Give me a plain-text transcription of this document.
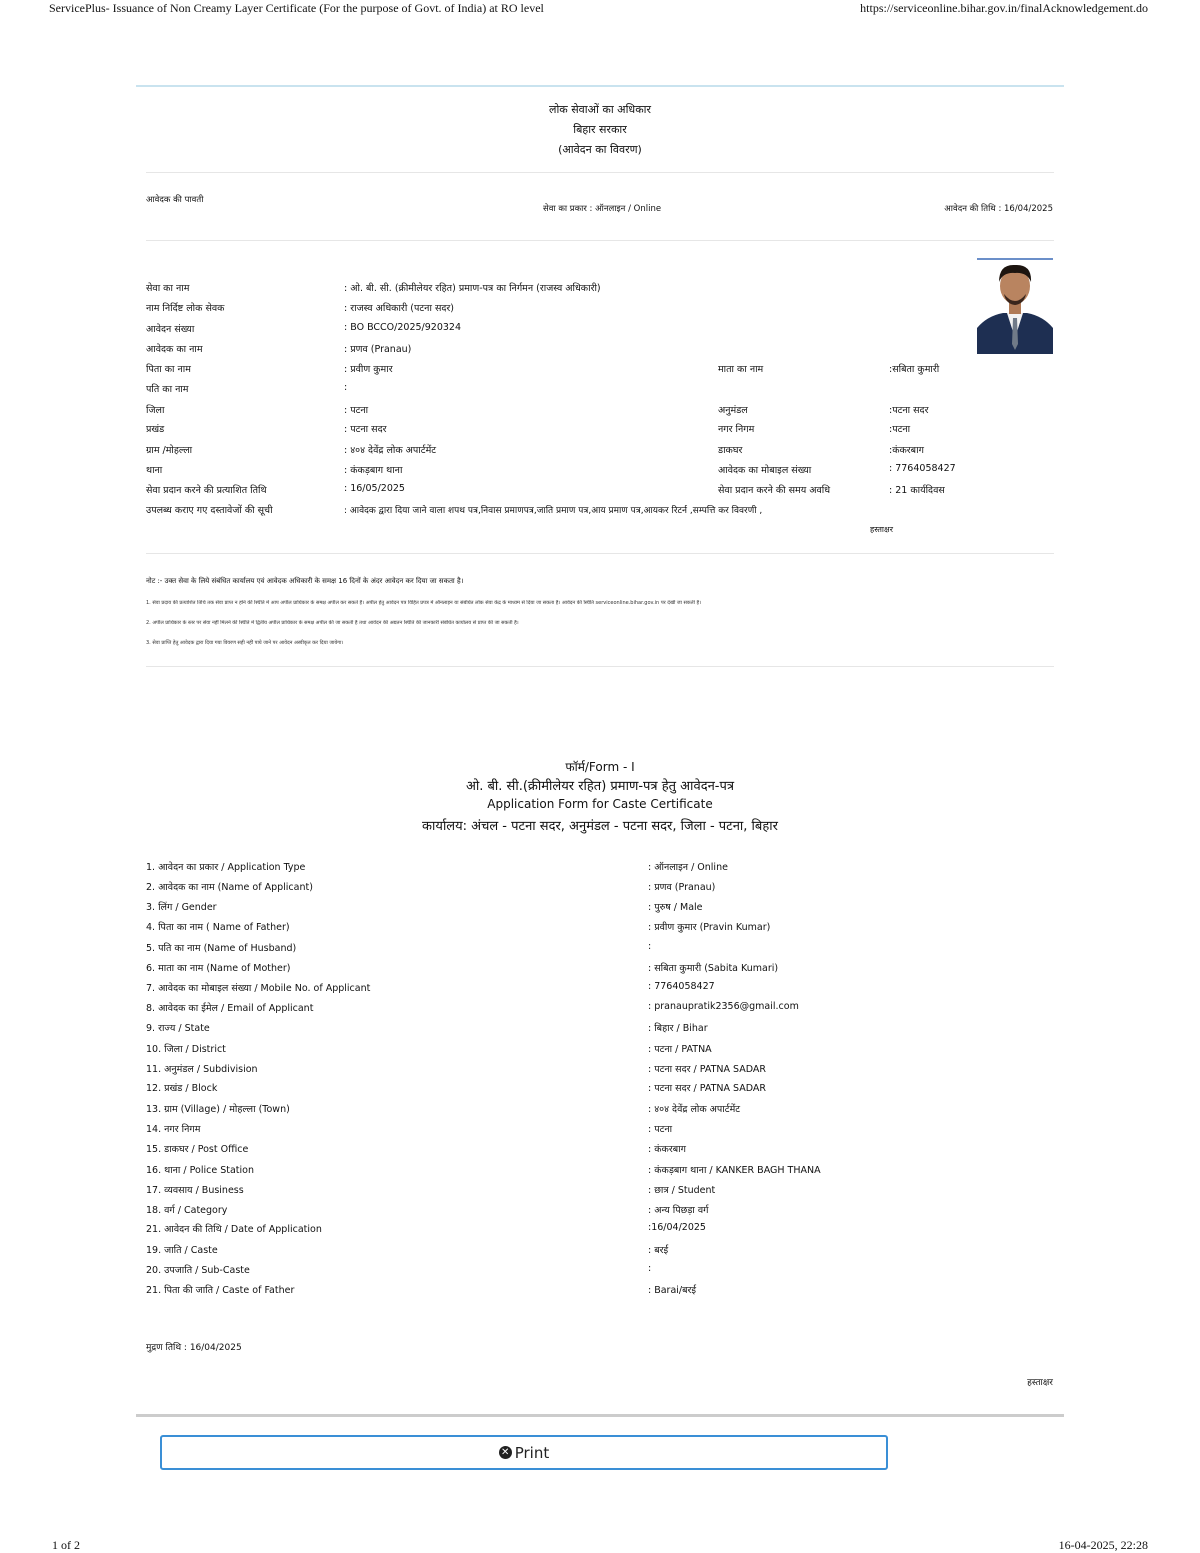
ServicePlus- Issuance of Non Creamy Layer Certificate (For the purpose of Govt. of India) at RO level	https://serviceonline.bihar.gov.in/finalAcknowledgement.do
लोक सेवाओं का अधिकार
बिहार सरकार
(आवेदन का विवरण)
आवेदक की पावती
सेवा का प्रकार : ऑनलाइन / Online	आवेदन की तिथि : 16/04/2025
सेवा का नाम	: ओ. बी. सी. (क्रीमीलेयर रहित) प्रमाण-पत्र का निर्गमन (राजस्व अधिकारी)
नाम निर्दिष्ट लोक सेवक	: राजस्व अधिकारी (पटना सदर)
आवेदन संख्या	: BO BCCO/2025/920324
आवेदक का नाम	: प्रणव (Pranau)
पिता का नाम	: प्रवीण कुमार	माता का नाम	:सबिता कुमारी
पति का नाम	:
जिला	: पटना	अनुमंडल	:पटना सदर
प्रखंड	: पटना सदर	नगर निगम	:पटना
ग्राम /मोहल्ला	: ४०४ देवेंद्र लोक अपार्टमेंट	डाकघर	:कंकरबाग
थाना	: कंकड़बाग थाना	आवेदक का मोबाइल संख्या	: 7764058427
सेवा प्रदान करने की प्रत्याशित तिथि	: 16/05/2025	सेवा प्रदान करने की समय अवधि	: 21 कार्यदिवस
उपलब्ध कराए गए दस्तावेजों की सूची	: आवेदक द्वारा दिया जाने वाला शपथ पत्र,निवास प्रमाणपत्र,जाति प्रमाण पत्र,आय प्रमाण पत्र,आयकर रिटर्न ,सम्पत्ति कर विवरणी ,
हस्ताक्षर
नोट :- उक्त सेवा के लिये संबंधित कार्यालय एवं आवेदक अधिकारी के समक्ष 16 दिनों के अंदर आवेदन कर दिया जा सकता है।
1. सेवा प्रदाय की प्रत्याशित तिथि तक सेवा प्राप्त न होने की स्थिति में आप अपील प्राधिकार के समक्ष अपील कर सकते हैं। अपील हेतु आवेदन पत्र विहित प्रपत्र में ऑनलाइन या संबंधित लोक सेवा केंद्र के माध्यम से दिया जा सकता है। आवेदन की स्थिति serviceonline.bihar.gov.in पर देखी जा सकती है।
2. अपील प्राधिकार के स्तर पर सेवा नहीं मिलने की स्थिति में द्वितीय अपील प्राधिकार के समक्ष अपील की जा सकती है तथा आवेदन की अद्यतन स्थिति की जानकारी संबंधित कार्यालय से प्राप्त की जा सकती है।
3. सेवा प्राप्ति हेतु आवेदक द्वारा दिया गया विवरण सही नहीं पाये जाने पर आवेदन अस्वीकृत कर दिया जायेगा।
फॉर्म/Form - I
ओ. बी. सी.(क्रीमीलेयर रहित) प्रमाण-पत्र हेतु आवेदन-पत्र
Application Form for Caste Certificate
कार्यालय: अंचल - पटना सदर, अनुमंडल - पटना सदर, जिला - पटना, बिहार
1. आवेदन का प्रकार / Application Type	: ऑनलाइन / Online
2. आवेदक का नाम (Name of Applicant)	: प्रणव (Pranau)
3. लिंग / Gender	: पुरुष / Male
4. पिता का नाम ( Name of Father)	: प्रवीण कुमार (Pravin Kumar)
5. पति का नाम (Name of Husband)	:
6. माता का नाम (Name of Mother)	: सबिता कुमारी (Sabita Kumari)
7. आवेदक का मोबाइल संख्या / Mobile No. of Applicant	: 7764058427
8. आवेदक का ईमेल / Email of Applicant	: pranaupratik2356@gmail.com
9. राज्य / State	: बिहार / Bihar
10. जिला / District	: पटना / PATNA
11. अनुमंडल / Subdivision	: पटना सदर / PATNA SADAR
12. प्रखंड / Block	: पटना सदर / PATNA SADAR
13. ग्राम (Village) / मोहल्ला (Town)	: ४०४ देवेंद्र लोक अपार्टमेंट
14. नगर निगम	: पटना
15. डाकघर / Post Office	: कंकरबाग
16. थाना / Police Station	: कंकड़बाग थाना / KANKER BAGH THANA
17. व्यवसाय / Business	: छात्र / Student
18. वर्ग / Category	: अन्य पिछड़ा वर्ग
21. आवेदन की तिथि / Date of Application	:16/04/2025
19. जाति / Caste	: बरई
20. उपजाति / Sub-Caste	:
21. पिता की जाति / Caste of Father	: Barai/बरई
मुद्रण तिथि : 16/04/2025
हस्ताक्षर
✕ Print
1 of 2	16-04-2025, 22:28
